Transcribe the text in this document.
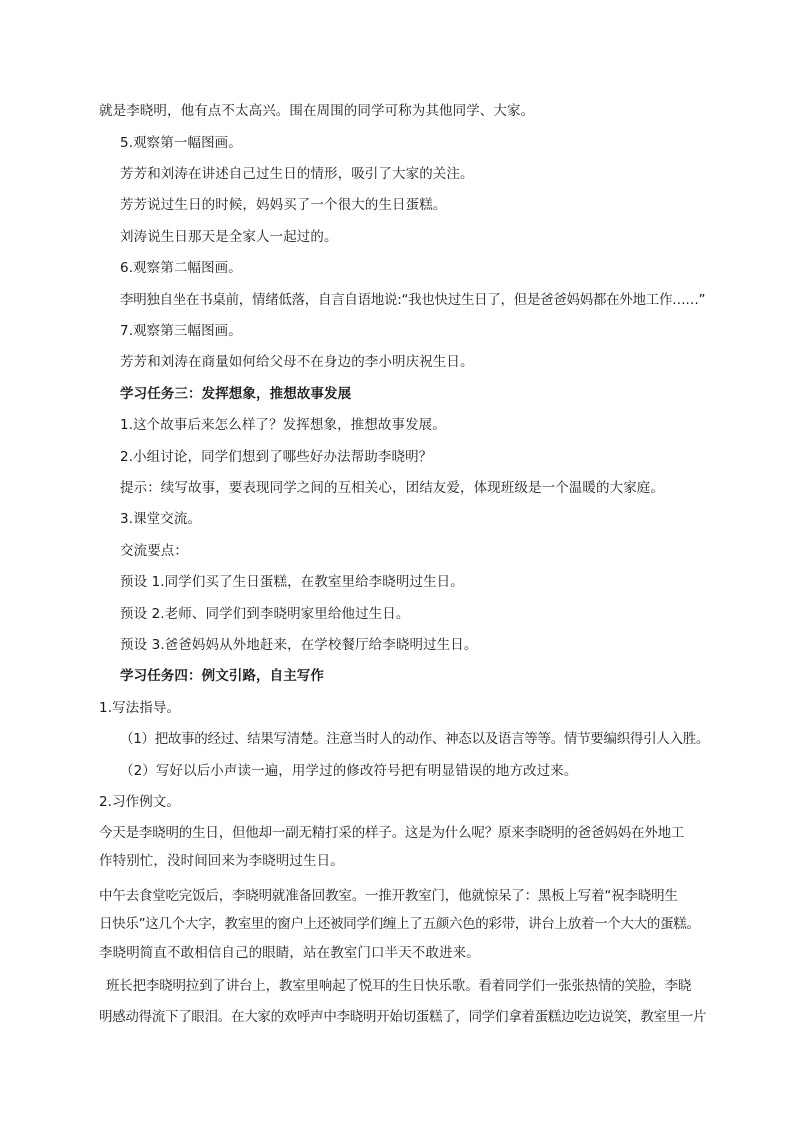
就是李晓明，他有点不太高兴。围在周围的同学可称为其他同学、大家。
5.观察第一幅图画。
芳芳和刘涛在讲述自己过生日的情形，吸引了大家的关注。
芳芳说过生日的时候，妈妈买了一个很大的生日蛋糕。
刘涛说生日那天是全家人一起过的。
6.观察第二幅图画。
李明独自坐在书桌前，情绪低落，自言自语地说:“我也快过生日了，但是爸爸妈妈都在外地工作……”
7.观察第三幅图画。
芳芳和刘涛在商量如何给父母不在身边的李小明庆祝生日。
学习任务三：发挥想象，推想故事发展
1.这个故事后来怎么样了？发挥想象，推想故事发展。
2.小组讨论，同学们想到了哪些好办法帮助李晓明？
提示：续写故事，要表现同学之间的互相关心，团结友爱，体现班级是一个温暖的大家庭。
3.课堂交流。
交流要点：
预设 1.同学们买了生日蛋糕，在教室里给李晓明过生日。
预设 2.老师、同学们到李晓明家里给他过生日。
预设 3.爸爸妈妈从外地赶来，在学校餐厅给李晓明过生日。
学习任务四：例文引路，自主写作
1.写法指导。
（1）把故事的经过、结果写清楚。注意当时人的动作、神态以及语言等等。情节要编织得引人入胜。
（2）写好以后小声读一遍，用学过的修改符号把有明显错误的地方改过来。
2.习作例文。
今天是李晓明的生日，但他却一副无精打采的样子。这是为什么呢？原来李晓明的爸爸妈妈在外地工
作特别忙，没时间回来为李晓明过生日。
中午去食堂吃完饭后，李晓明就准备回教室。一推开教室门，他就惊呆了：黑板上写着“祝李晓明生
日快乐”这几个大字，教室里的窗户上还被同学们缠上了五颜六色的彩带，讲台上放着一个大大的蛋糕。
李晓明简直不敢相信自己的眼睛，站在教室门口半天不敢进来。
班长把李晓明拉到了讲台上，教室里响起了悦耳的生日快乐歌。看着同学们一张张热情的笑脸，李晓
明感动得流下了眼泪。在大家的欢呼声中李晓明开始切蛋糕了，同学们拿着蛋糕边吃边说笑，教室里一片
